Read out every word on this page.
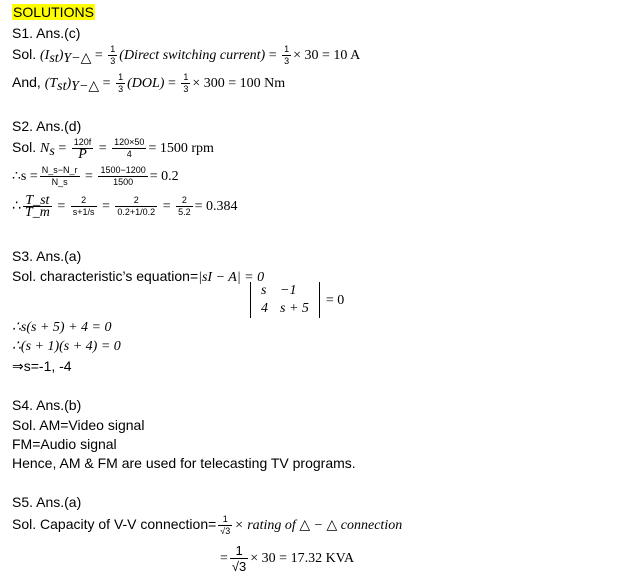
SOLUTIONS
S1. Ans.(c)
Sol. $(I_{st})_{Y-\triangle} = \frac{1}{3}$ (Direct switching current) = $\frac{1}{3} \times 30 = 10$ A
And, $(T_{st})_{Y-\triangle} = \frac{1}{3} (DOL) = \frac{1}{3} \times 300 = 100$ Nm
S2. Ans.(d)
Sol. $N_s = \frac{120f}{P} = \frac{120\times 50}{4} = 1500$ rpm
∴s = $\frac{N\_s-N\_r}{N\_s} = \frac{1500-1200}{1500} = 0.2$
∴ $\frac{T\_st}{T\_m} = \frac{2}{s+1/s} = \frac{2}{0.2+1/0.2} = \frac{2}{5.2} = 0.384$
S3. Ans.(a)
Sol. characteristic’s equation=|sI − A| = 0
s	−1
4	s + 5
= 0
∴s(s + 5) + 4 = 0
∴(s + 1)(s + 4) = 0
⇒s=-1, -4
S4. Ans.(b)
Sol. AM=Video signal
FM=Audio signal
Hence, AM & FM are used for telecasting TV programs.
S5. Ans.(a)
Sol. Capacity of V-V connection= $\frac{1}{√3}$ × rating of △ − △ connection
= $\frac{1}{√3} \times 30 = 17.32$ KVA
